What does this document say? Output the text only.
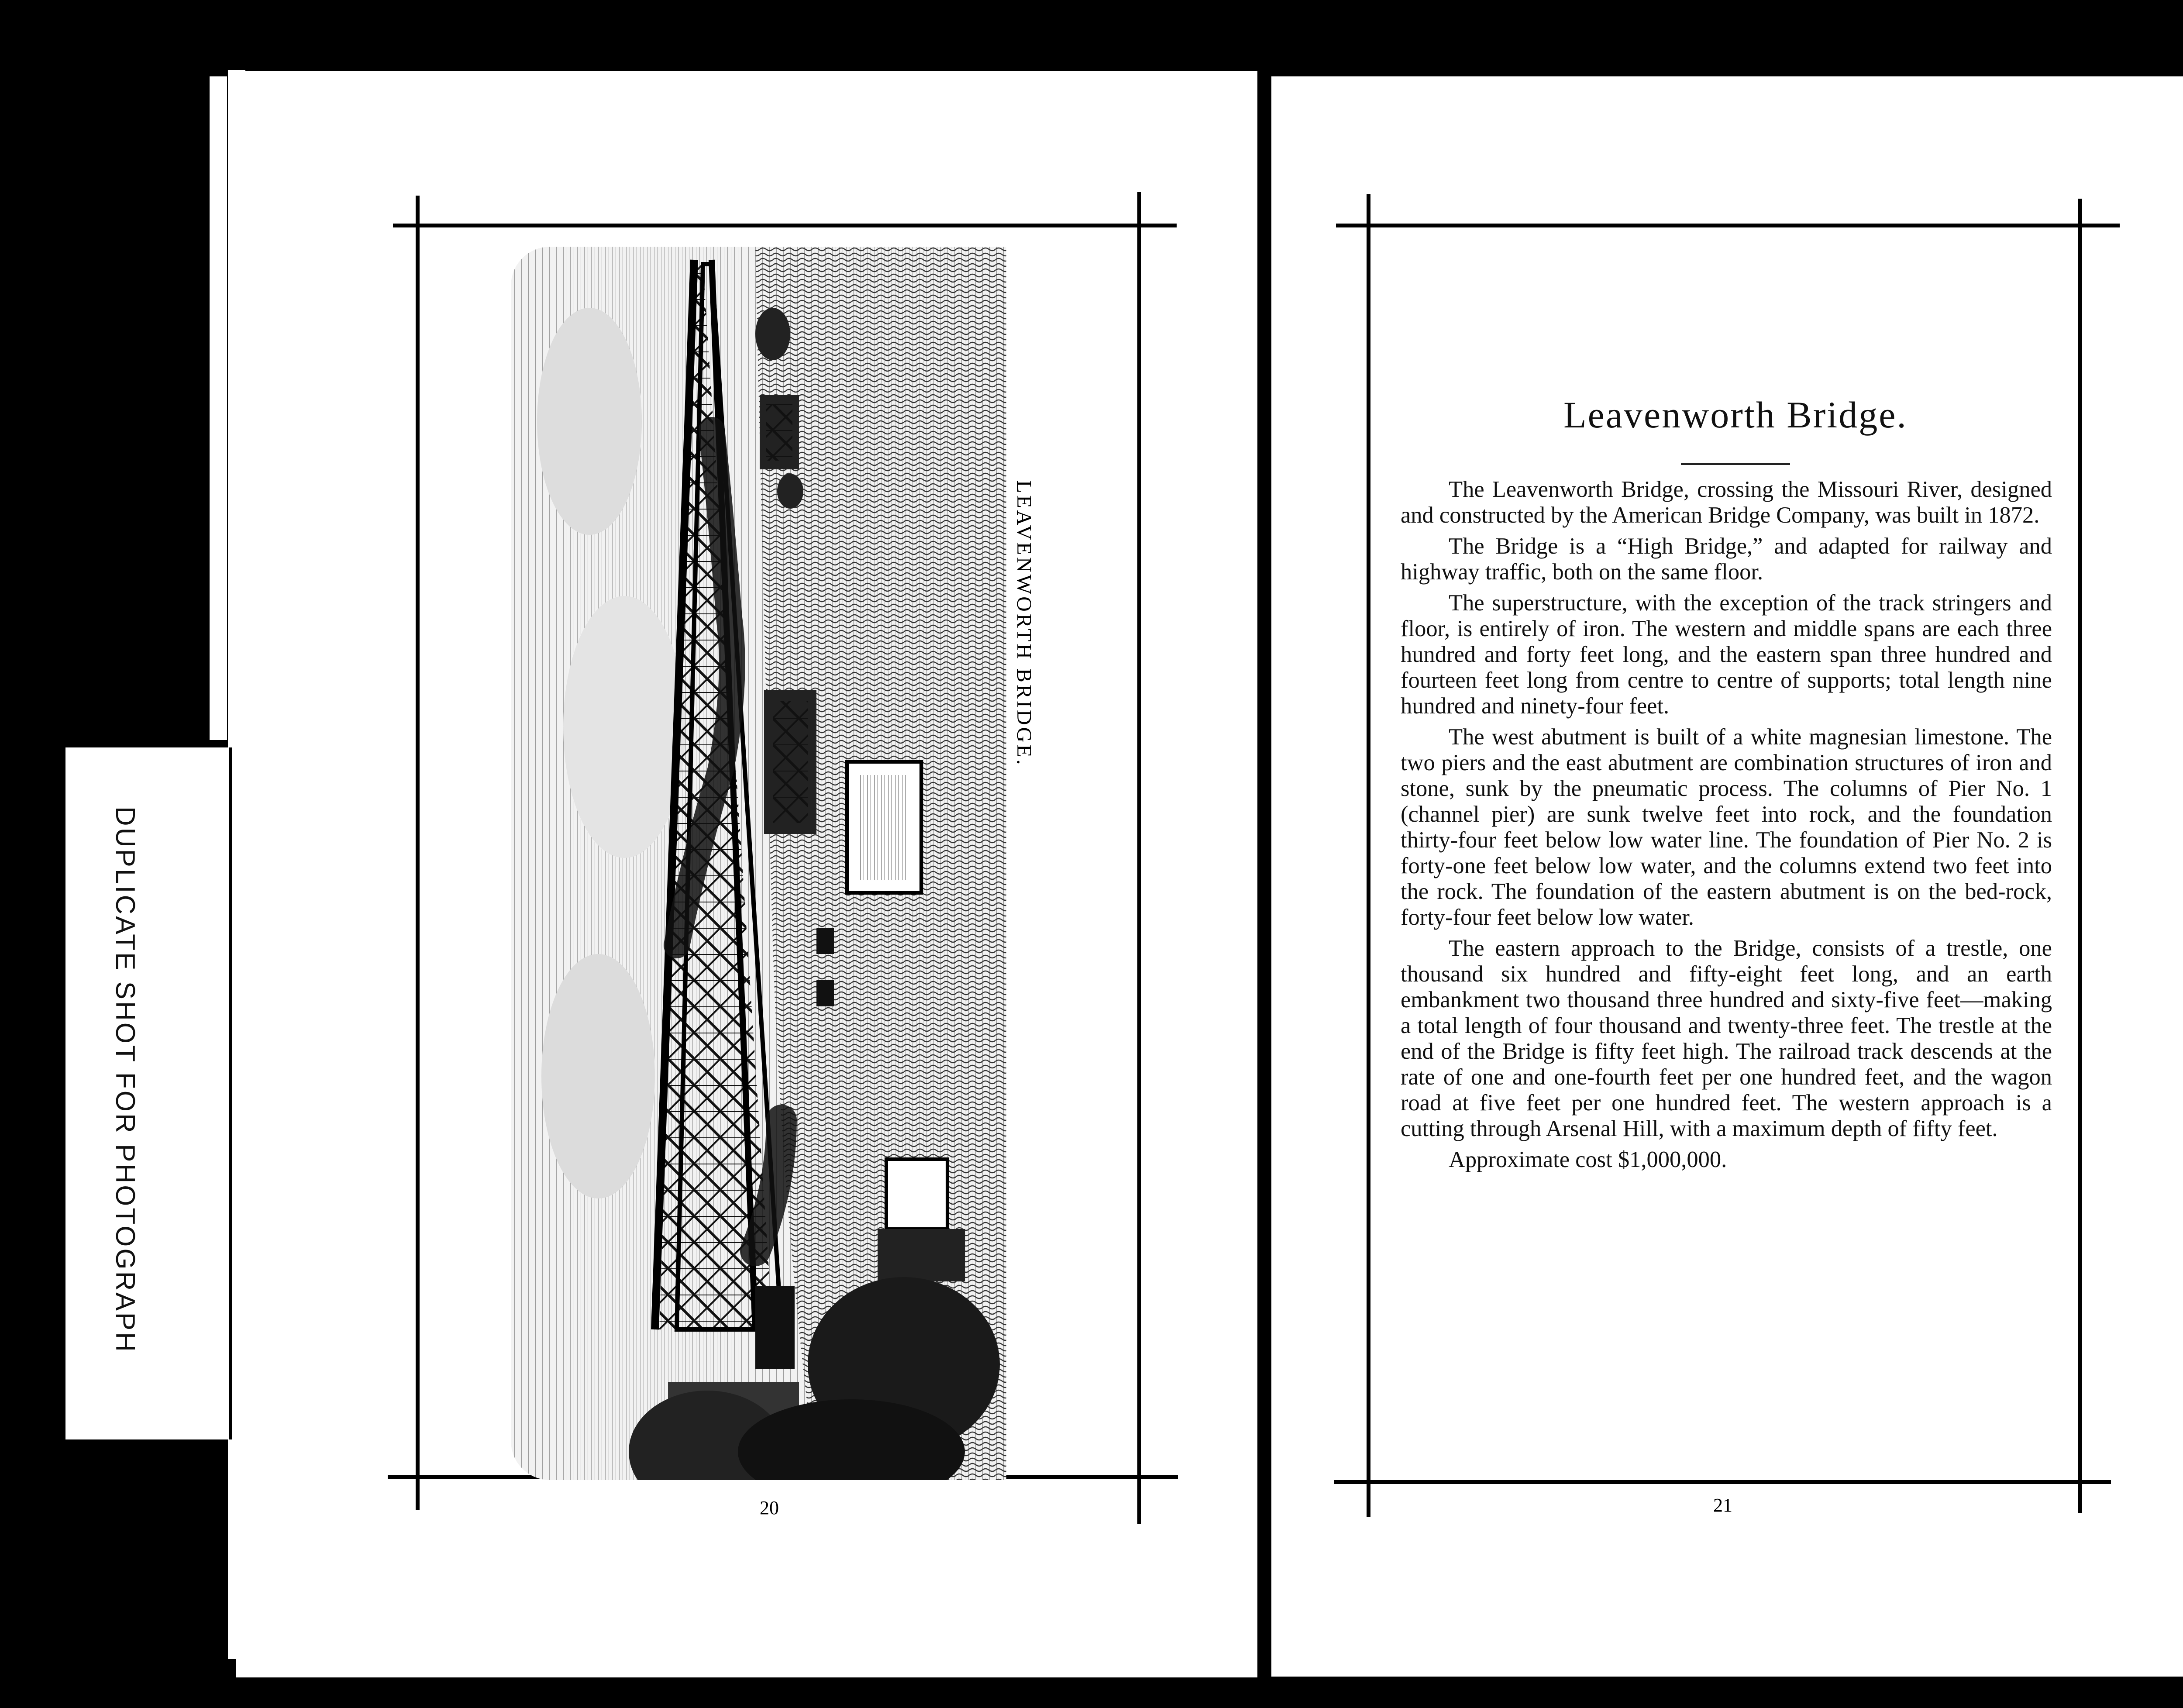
DUPLICATE SHOT FOR PHOTOGRAPH
LEAVENWORTH BRIDGE.
20
Leavenworth Bridge.

The Leavenworth Bridge, crossing the Missouri River, designed and constructed by the American Bridge Company, was built in 1872.

The Bridge is a “High Bridge,” and adapted for railway and highway traffic, both on the same floor.

The superstructure, with the exception of the track stringers and floor, is entirely of iron. The western and middle spans are each three hundred and forty feet long, and the eastern span three hundred and fourteen feet long from centre to centre of supports; total length nine hundred and ninety-four feet.

The west abutment is built of a white magnesian limestone. The two piers and the east abutment are combination structures of iron and stone, sunk by the pneumatic process. The columns of Pier No. 1 (channel pier) are sunk twelve feet into rock, and the foundation thirty-four feet below low water line. The foundation of Pier No. 2 is forty-one feet below low water, and the columns extend two feet into the rock. The foundation of the eastern abutment is on the bed-rock, forty-four feet below low water.

The eastern approach to the Bridge, consists of a trestle, one thousand six hundred and fifty-eight feet long, and an earth embankment two thousand three hundred and sixty-five feet—making a total length of four thousand and twenty-three feet. The trestle at the end of the Bridge is fifty feet high. The railroad track descends at the rate of one and one-fourth feet per one hundred feet, and the wagon road at five feet per one hundred feet. The western approach is a cutting through Arsenal Hill, with a maximum depth of fifty feet.

Approximate cost $1,000,000.

21
